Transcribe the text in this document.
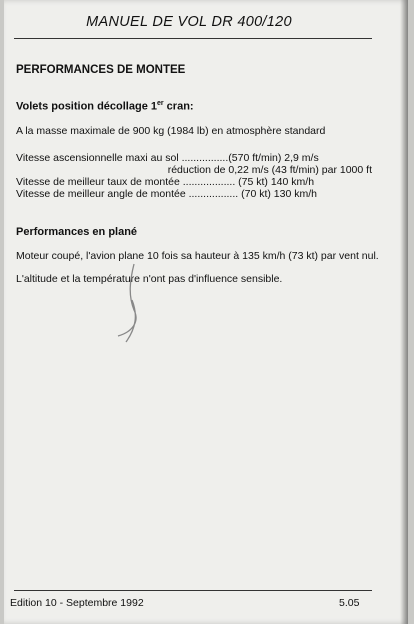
MANUEL DE VOL DR 400/120
PERFORMANCES DE MONTEE
Volets position décollage 1er cran:
A la masse maximale de 900 kg (1984 lb) en atmosphère standard
Vitesse ascensionnelle maxi au sol ................(570 ft/min) 2,9 m/s
réduction de 0,22 m/s (43 ft/min) par 1000 ft
Vitesse de meilleur taux de montée .................. (75 kt) 140 km/h
Vitesse de meilleur angle de montée ................. (70 kt) 130 km/h
Performances en plané
Moteur coupé, l'avion plane 10 fois sa hauteur à 135 km/h (73 kt) par vent nul.
L'altitude et la température n'ont pas d'influence sensible.
Edition 10 - Septembre 1992	5.05
